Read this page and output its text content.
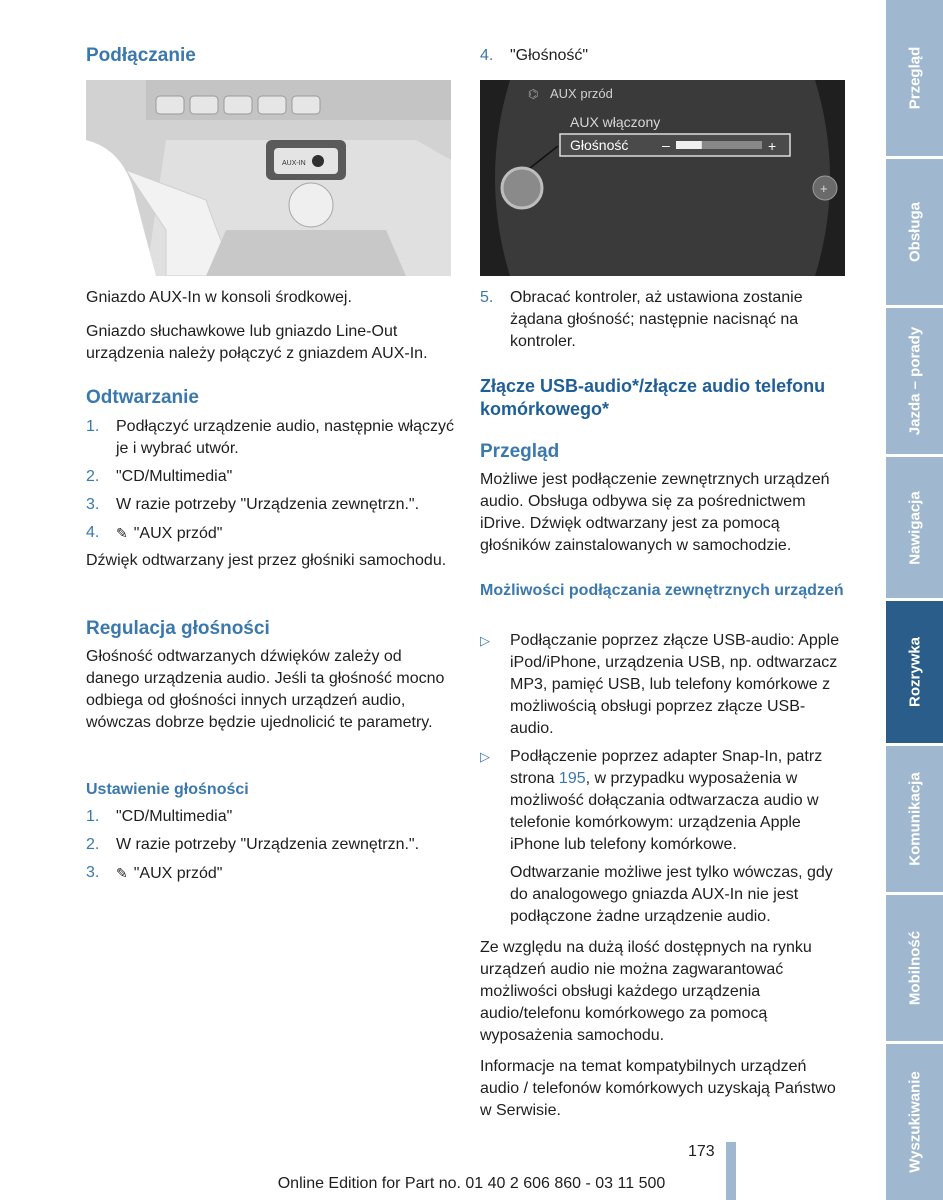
Podłączanie
AUX-IN

Gniazdo AUX-In w konsoli środkowej.

Gniazdo słuchawkowe lub gniazdo Line-Out urządzenia należy połączyć z gniazdem AUX-In.

Odtwarzanie
1. Podłączyć urządzenie audio, następnie włączyć je i wybrać utwór.
2. "CD/Multimedia"
3. W razie potrzeby "Urządzenia zewnętrzn.".
4. ✎ "AUX przód"

Dźwięk odtwarzany jest przez głośniki samochodu.

Regulacja głośności

Głośność odtwarzanych dźwięków zależy od danego urządzenia audio. Jeśli ta głośność mocno odbiega od głośności innych urządzeń audio, wówczas dobrze będzie ujednolicić te parametry.

Ustawienie głośności
1. "CD/Multimedia"
2. W razie potrzeby "Urządzenia zewnętrzn.".
3. ✎ "AUX przód"
4. "Głośność"
AUX przód
⌬
AUX włączony
Głośność –	+
+
5. Obracać kontroler, aż ustawiona zostanie żądana głośność; następnie nacisnąć na kontroler.
Złącze USB-audio*/złącze audio telefonu komórkowego*
Przegląd

Możliwe jest podłączenie zewnętrznych urządzeń audio. Obsługa odbywa się za pośrednictwem iDrive. Dźwięk odtwarzany jest za pomocą głośników zainstalowanych w samochodzie.

Możliwości podłączania zewnętrznych urządzeń
▷ Podłączanie poprzez złącze USB-audio: Apple iPod/iPhone, urządzenia USB, np. odtwarzacz MP3, pamięć USB, lub telefony komórkowe z możliwością obsługi poprzez złącze USB-audio.
▷ Podłączenie poprzez adapter Snap-In, patrz strona 195, w przypadku wyposażenia w możliwość dołączania odtwarzacza audio w telefonie komórkowym: urządzenia Apple iPhone lub telefony komórkowe.

Odtwarzanie możliwe jest tylko wówczas, gdy do analogowego gniazda AUX-In nie jest podłączone żadne urządzenie audio.

Ze względu na dużą ilość dostępnych na rynku urządzeń audio nie można zagwarantować możliwości obsługi każdego urządzenia audio/telefonu komórkowego za pomocą wyposażenia samochodu.

Informacje na temat kompatybilnych urządzeń audio / telefonów komórkowych uzyskają Państwo w Serwisie.

Przegląd
Obsługa
Jazda – porady
Nawigacja
Rozrywka
Komunikacja
Mobilność
Wyszukiwanie
173
Online Edition for Part no. 01 40 2 606 860 - 03 11 500
